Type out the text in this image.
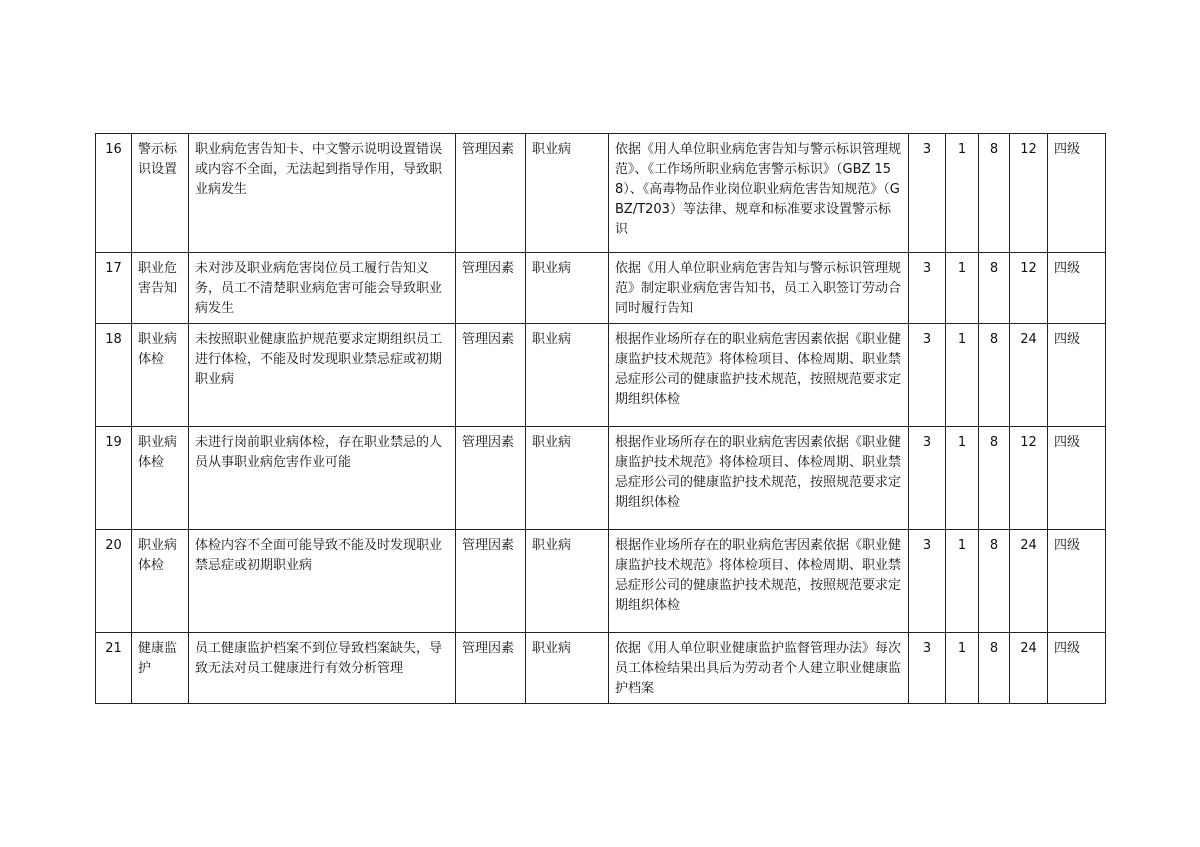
16	警示标识设置	职业病危害告知卡、中文警示说明设置错误或内容不全面，无法起到指导作用，导致职业病发生	管理因素	职业病	依据《用人单位职业病危害告知与警示标识管理规范》、《工作场所职业病危害警示标识》（GBZ 158）、《高毒物品作业岗位职业病危害告知规范》（GBZ/T203）等法律、规章和标准要求设置警示标识	3	1	8	12	四级
17	职业危害告知	未对涉及职业病危害岗位员工履行告知义务，员工不清楚职业病危害可能会导致职业病发生	管理因素	职业病	依据《用人单位职业病危害告知与警示标识管理规范》制定职业病危害告知书，员工入职签订劳动合同时履行告知	3	1	8	12	四级
18	职业病体检	未按照职业健康监护规范要求定期组织员工进行体检，不能及时发现职业禁忌症或初期职业病	管理因素	职业病	根据作业场所存在的职业病危害因素依据《职业健康监护技术规范》将体检项目、体检周期、职业禁忌症形公司的健康监护技术规范，按照规范要求定期组织体检	3	1	8	24	四级
19	职业病体检	未进行岗前职业病体检，存在职业禁忌的人员从事职业病危害作业可能	管理因素	职业病	根据作业场所存在的职业病危害因素依据《职业健康监护技术规范》将体检项目、体检周期、职业禁忌症形公司的健康监护技术规范，按照规范要求定期组织体检	3	1	8	12	四级
20	职业病体检	体检内容不全面可能导致不能及时发现职业禁忌症或初期职业病	管理因素	职业病	根据作业场所存在的职业病危害因素依据《职业健康监护技术规范》将体检项目、体检周期、职业禁忌症形公司的健康监护技术规范，按照规范要求定期组织体检	3	1	8	24	四级
21	健康监护	员工健康监护档案不到位导致档案缺失，导致无法对员工健康进行有效分析管理	管理因素	职业病	依据《用人单位职业健康监护监督管理办法》每次员工体检结果出具后为劳动者个人建立职业健康监护档案	3	1	8	24	四级
